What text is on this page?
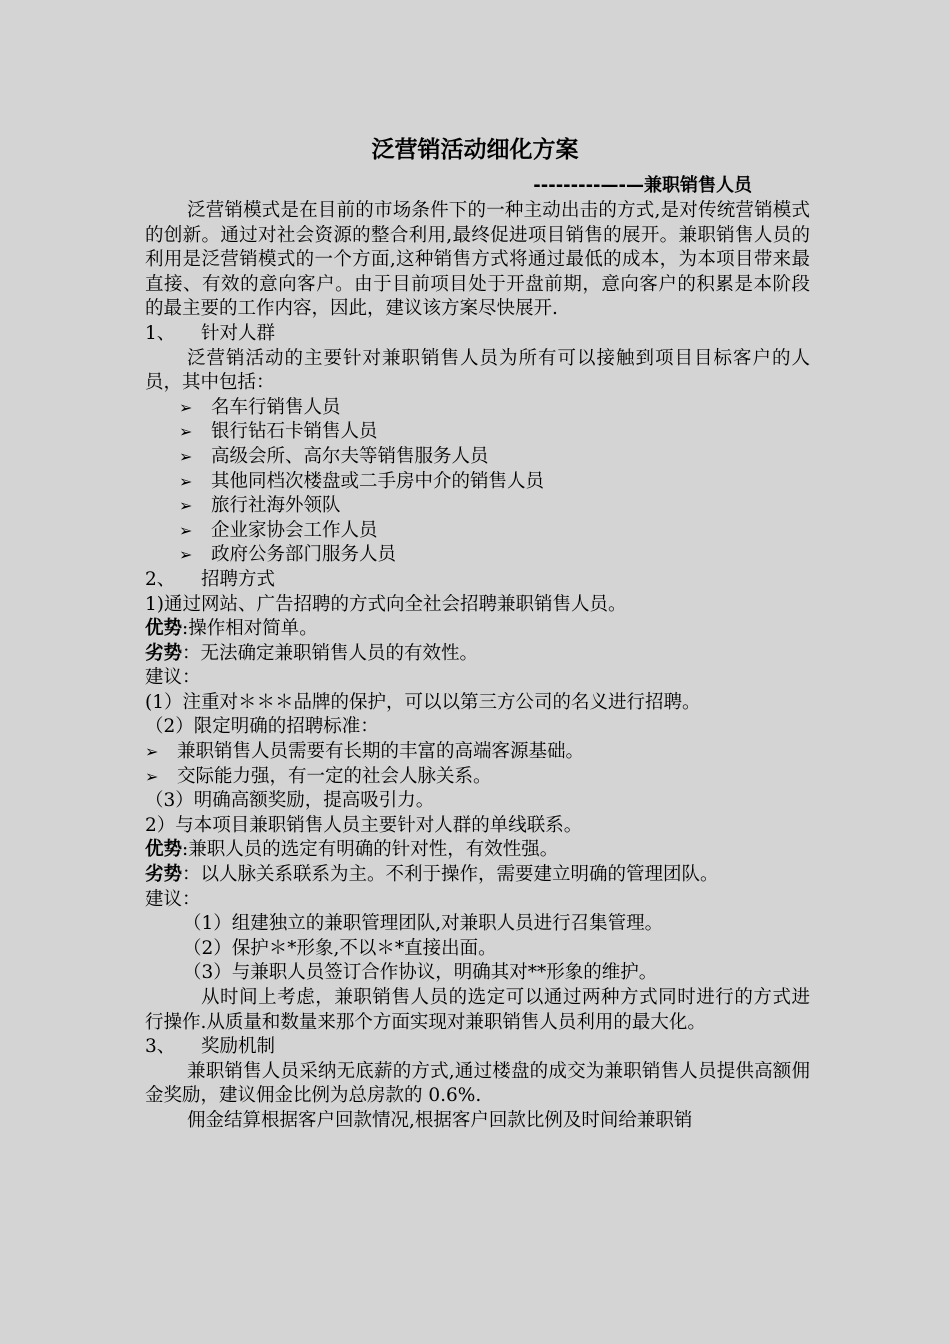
泛营销活动细化方案
---------—-—兼职销售人员

泛营销模式是在目前的市场条件下的一种主动出击的方式,是对传统营销模式的创新。通过对社会资源的整合利用,最终促进项目销售的展开。兼职销售人员的利用是泛营销模式的一个方面,这种销售方式将通过最低的成本，为本项目带来最直接、有效的意向客户。由于目前项目处于开盘前期，意向客户的积累是本阶段的最主要的工作内容，因此，建议该方案尽快展开.

1、 针对人群

泛营销活动的主要针对兼职销售人员为所有可以接触到项目目标客户的人员，其中包括：

➢ 名车行销售人员
➢ 银行钻石卡销售人员
➢ 高级会所、高尔夫等销售服务人员
➢ 其他同档次楼盘或二手房中介的销售人员
➢ 旅行社海外领队
➢ 企业家协会工作人员
➢ 政府公务部门服务人员

2、 招聘方式

1)通过网站、广告招聘的方式向全社会招聘兼职销售人员。

优势:操作相对简单。

劣势：无法确定兼职销售人员的有效性。

建议：

(1）注重对＊＊＊品牌的保护，可以以第三方公司的名义进行招聘。

（2）限定明确的招聘标准：

➢ 兼职销售人员需要有长期的丰富的高端客源基础。
➢ 交际能力强，有一定的社会人脉关系。

（3）明确高额奖励，提高吸引力。

2）与本项目兼职销售人员主要针对人群的单线联系。

优势:兼职人员的选定有明确的针对性，有效性强。

劣势：以人脉关系联系为主。不利于操作，需要建立明确的管理团队。

建议：

（1）组建独立的兼职管理团队,对兼职人员进行召集管理。

（2）保护＊*形象,不以＊*直接出面。

（3）与兼职人员签订合作协议，明确其对**形象的维护。

从时间上考虑，兼职销售人员的选定可以通过两种方式同时进行的方式进行操作.从质量和数量来那个方面实现对兼职销售人员利用的最大化。

3、 奖励机制

兼职销售人员采纳无底薪的方式,通过楼盘的成交为兼职销售人员提供高额佣金奖励，建议佣金比例为总房款的 0.6%.

佣金结算根据客户回款情况,根据客户回款比例及时间给兼职销
